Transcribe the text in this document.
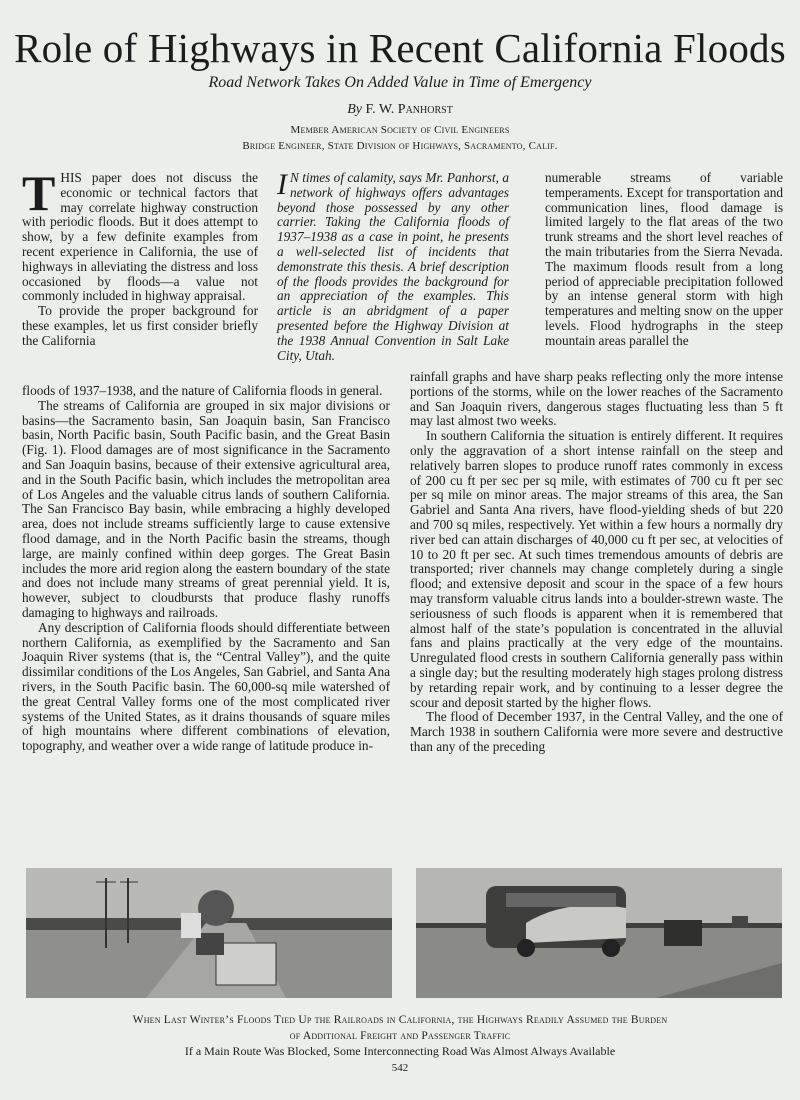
Role of Highways in Recent California Floods
Road Network Takes On Added Value in Time of Emergency
By F. W. Panhorst
Member American Society of Civil Engineers
Bridge Engineer, State Division of Highways, Sacramento, Calif.

THIS paper does not discuss the economic or technical factors that may correlate highway construction with periodic floods. But it does attempt to show, by a few definite examples from recent experience in California, the use of highways in alleviating the distress and loss occasioned by floods—a value not commonly included in highway appraisal.

To provide the proper background for these examples, let us first consider briefly the California

I N times of calamity, says Mr. Panhorst, a network of highways offers advantages beyond those possessed by any other carrier. Taking the California floods of 1937–1938 as a case in point, he presents a well-selected list of incidents that demonstrate this thesis. A brief description of the floods provides the background for an appreciation of the examples. This article is an abridgment of a paper presented before the Highway Division at the 1938 Annual Convention in Salt Lake City, Utah.

numerable streams of variable temperaments. Except for transportation and communication lines, flood damage is limited largely to the flat areas of the two trunk streams and the short level reaches of the main tributaries from the Sierra Nevada. The maximum floods result from a long period of appreciable precipitation followed by an intense general storm with high temperatures and melting snow on the upper levels. Flood hydrographs in the steep mountain areas parallel the

floods of 1937–1938, and the nature of California floods in general.

The streams of California are grouped in six major divisions or basins—the Sacramento basin, San Joaquin basin, San Francisco basin, North Pacific basin, South Pacific basin, and the Great Basin (Fig. 1). Flood damages are of most significance in the Sacramento and San Joaquin basins, because of their extensive agricultural area, and in the South Pacific basin, which includes the metropolitan area of Los Angeles and the valuable citrus lands of southern California. The San Francisco Bay basin, while embracing a highly developed area, does not include streams sufficiently large to cause extensive flood damage, and in the North Pacific basin the streams, though large, are mainly confined within deep gorges. The Great Basin includes the more arid region along the eastern boundary of the state and does not include many streams of great perennial yield. It is, however, subject to cloudbursts that produce flashy runoffs damaging to highways and railroads.

Any description of California floods should differentiate between northern California, as exemplified by the Sacramento and San Joaquin River systems (that is, the “Central Valley”), and the quite dissimilar conditions of the Los Angeles, San Gabriel, and Santa Ana rivers, in the South Pacific basin. The 60,000-sq mile watershed of the great Central Valley forms one of the most complicated river systems of the United States, as it drains thousands of square miles of high mountains where different combinations of elevation, topography, and weather over a wide range of latitude produce in-

rainfall graphs and have sharp peaks reflecting only the more intense portions of the storms, while on the lower reaches of the Sacramento and San Joaquin rivers, dangerous stages fluctuating less than 5 ft may last almost two weeks.

In southern California the situation is entirely different. It requires only the aggravation of a short intense rainfall on the steep and relatively barren slopes to produce runoff rates commonly in excess of 200 cu ft per sec per sq mile, with estimates of 700 cu ft per sec per sq mile on minor areas. The major streams of this area, the San Gabriel and Santa Ana rivers, have flood-yielding sheds of but 220 and 700 sq miles, respectively. Yet within a few hours a normally dry river bed can attain discharges of 40,000 cu ft per sec, at velocities of 10 to 20 ft per sec. At such times tremendous amounts of debris are transported; river channels may change completely during a single flood; and extensive deposit and scour in the space of a few hours may transform valuable citrus lands into a boulder-strewn waste. The seriousness of such floods is apparent when it is remembered that almost half of the state’s population is concentrated in the alluvial fans and plains practically at the very edge of the mountains. Unregulated flood crests in southern California generally pass within a single day; but the resulting moderately high stages prolong distress by retarding repair work, and by continuing to a lesser degree the scour and deposit started by the higher flows.

The flood of December 1937, in the Central Valley, and the one of March 1938 in southern California were more severe and destructive than any of the preceding

When Last Winter’s Floods Tied Up the Railroads in California, the Highways Readily Assumed the Burden
of Additional Freight and Passenger Traffic
If a Main Route Was Blocked, Some Interconnecting Road Was Almost Always Available
542
